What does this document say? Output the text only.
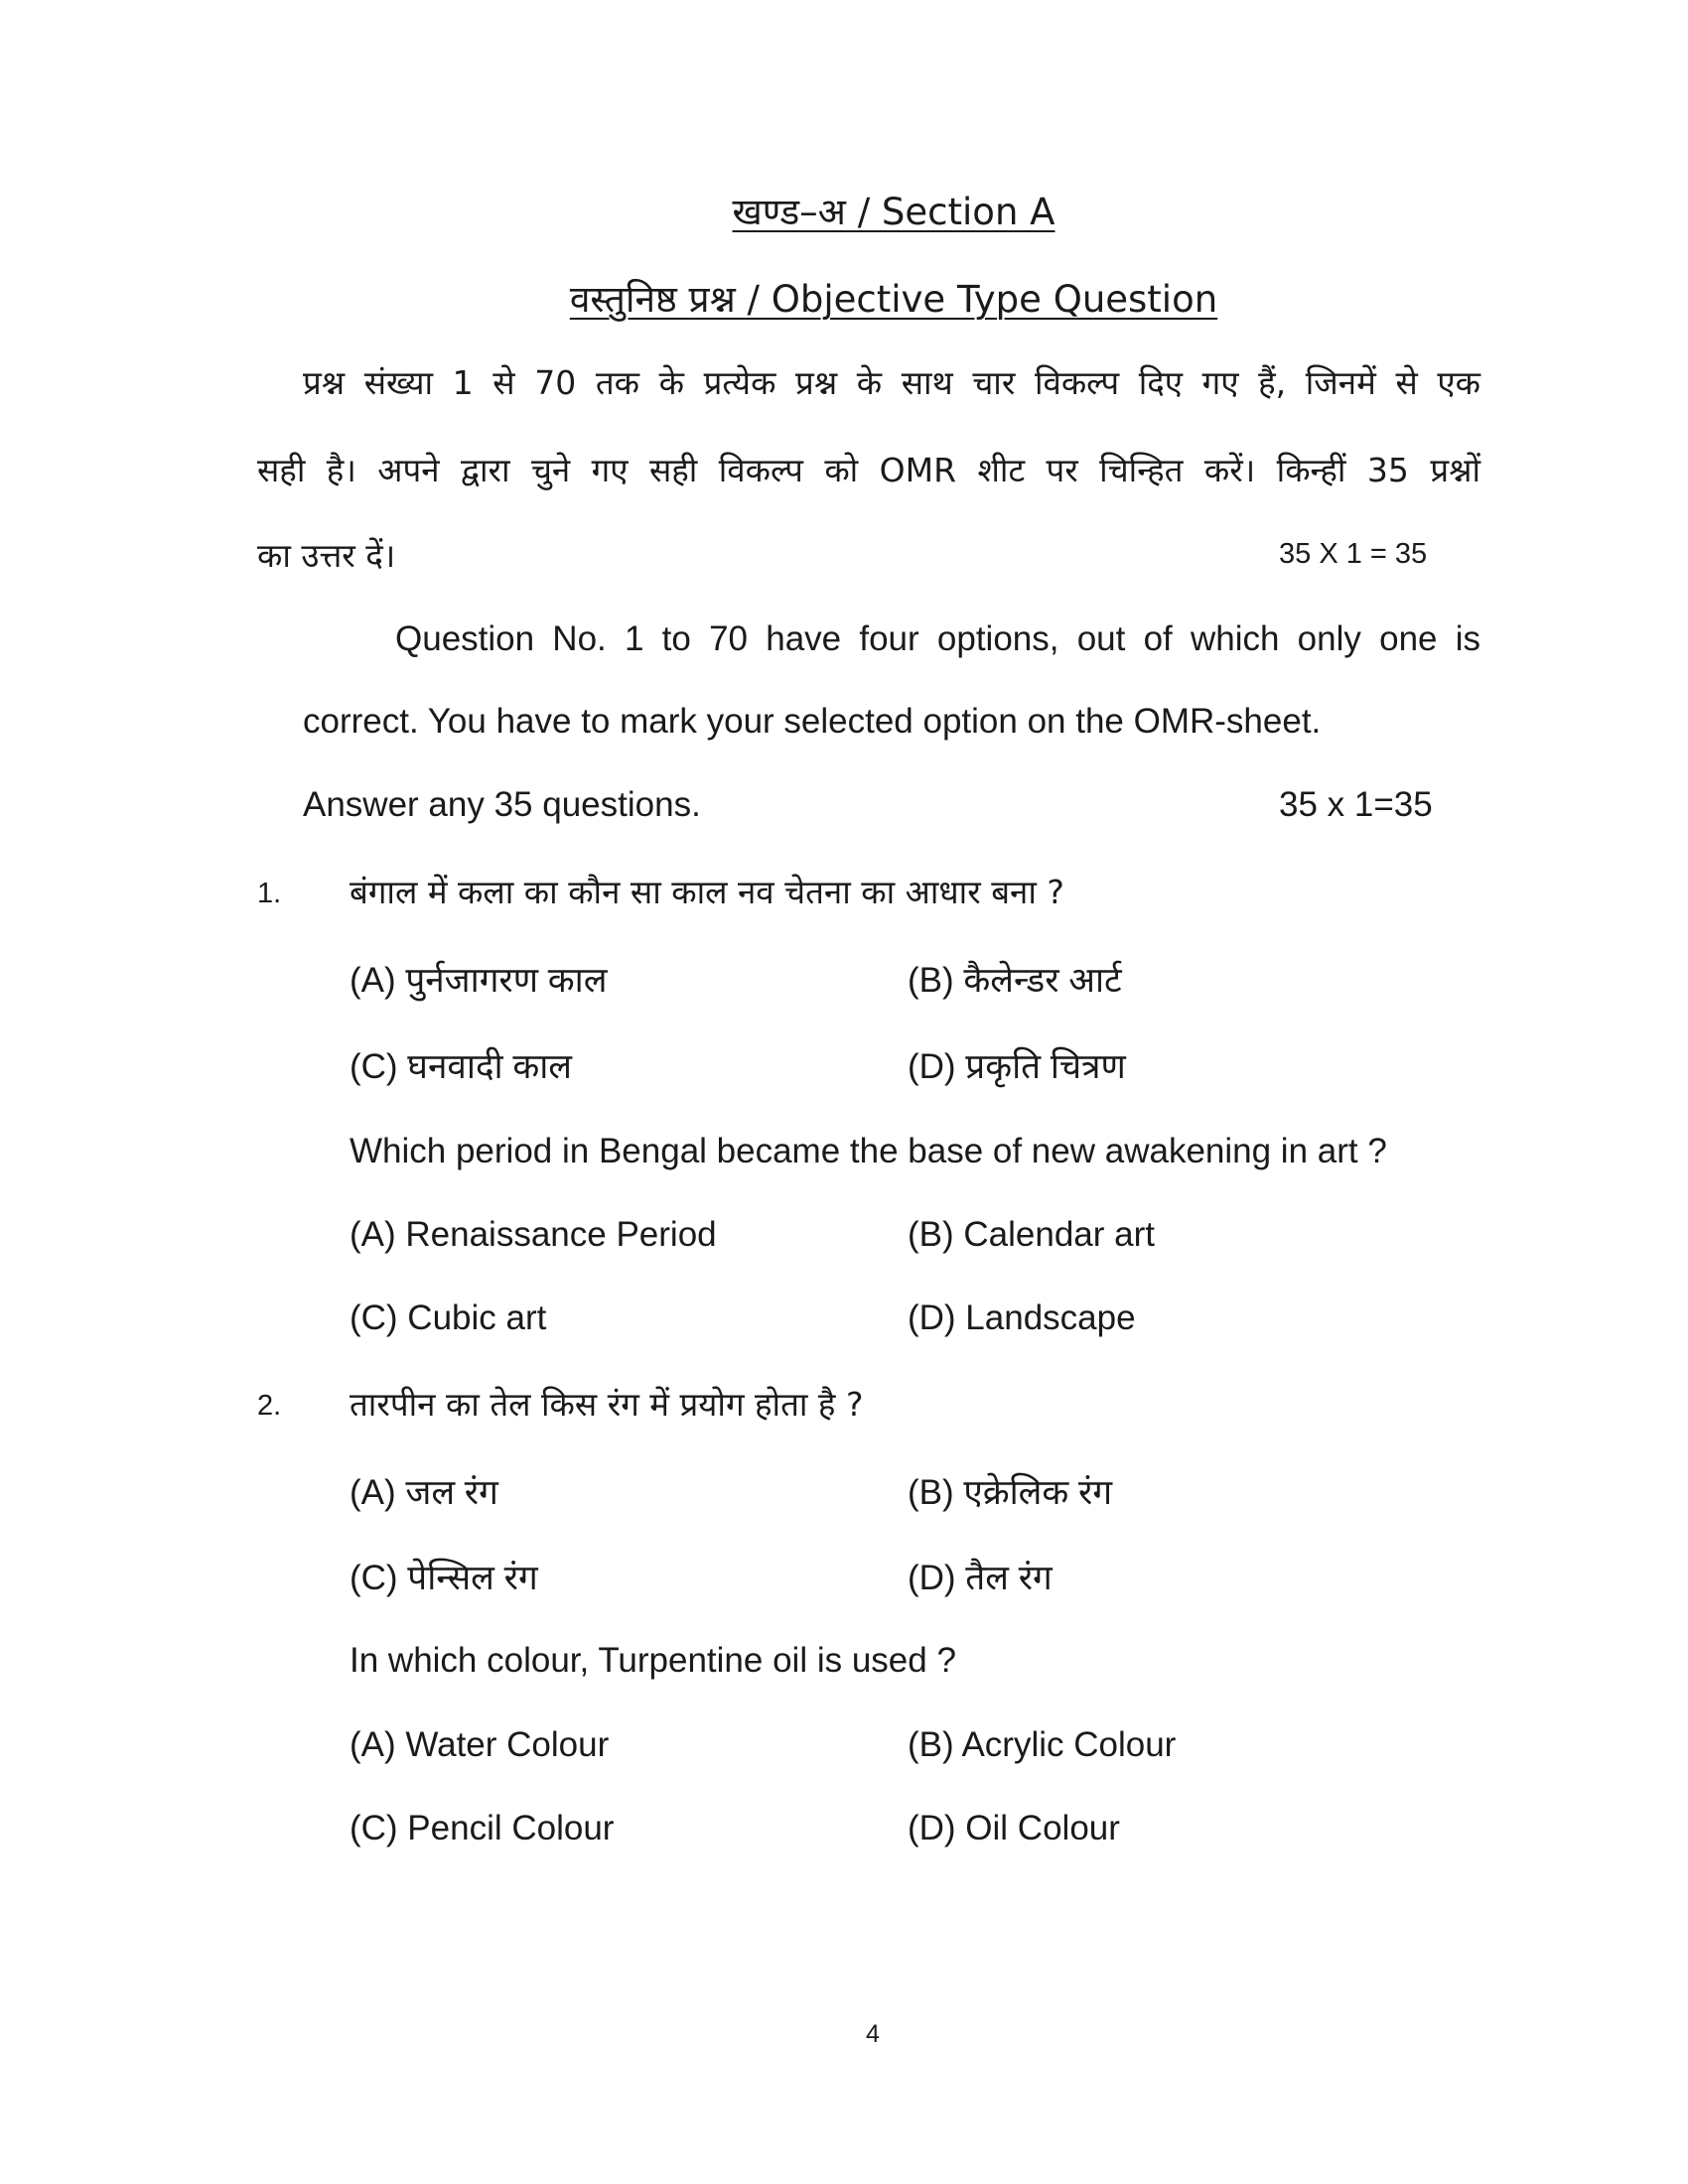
खण्ड–अ / Section A
वस्तुनिष्ठ प्रश्न / Objective Type Question
प्रश्न संख्या 1 से 70 तक के प्रत्येक प्रश्न के साथ चार विकल्प दिए गए हैं, जिनमें से एक
सही है। अपने द्वारा चुने गए सही विकल्प को OMR शीट पर चिन्हित करें। किन्हीं 35 प्रश्नों
का उत्तर दें।	35 X 1 = 35
Question No. 1 to 70 have four options, out of which only one is
correct. You have to mark your selected option on the OMR-sheet.
Answer any 35 questions.	35 x 1=35
1. बंगाल में कला का कौन सा काल नव चेतना का आधार बना ?
(A) पुर्नजागरण काल	(B) कैलेन्डर आर्ट
(C) घनवादी काल	(D) प्रकृति चित्रण
Which period in Bengal became the base of new awakening in art ?
(A) Renaissance Period	(B) Calendar art
(C) Cubic art	(D) Landscape
2. तारपीन का तेल किस रंग में प्रयोग होता है ?
(A) जल रंग	(B) एक्रेलिक रंग
(C) पेन्सिल रंग	(D) तैल रंग
In which colour, Turpentine oil is used ?
(A) Water Colour	(B) Acrylic Colour
(C) Pencil Colour	(D) Oil Colour
4
